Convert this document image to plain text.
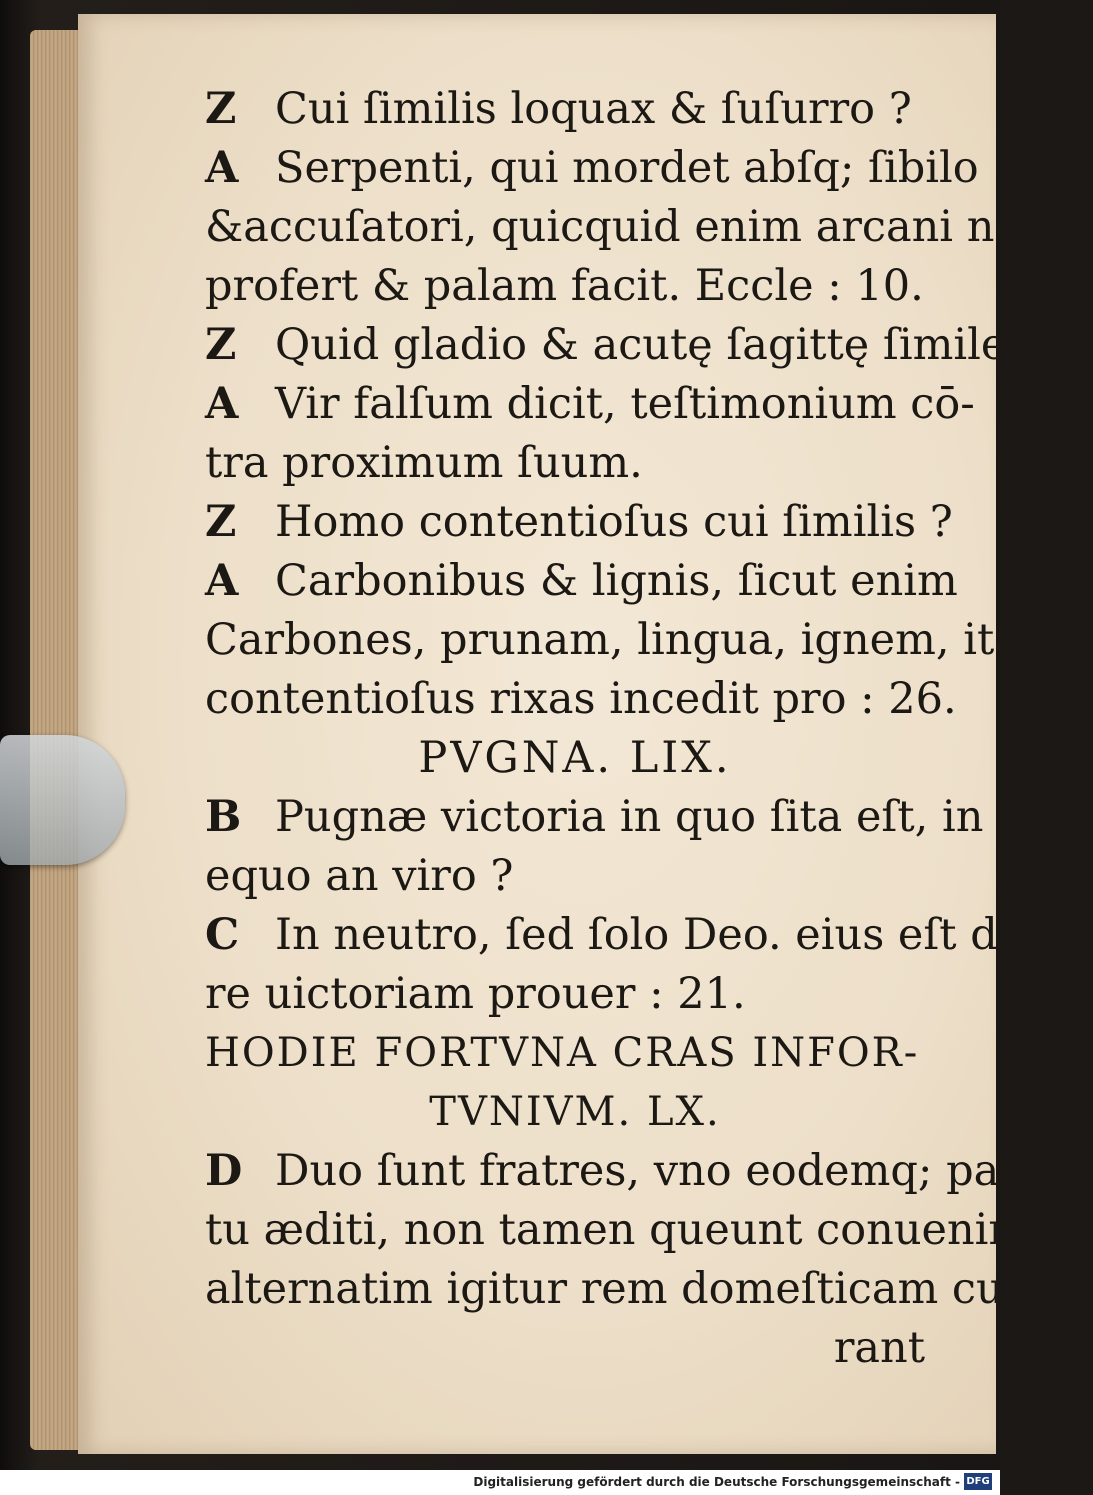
Z Cui ſimilis loquax & ſuſurro ?
A Serpenti, qui mordet abſq; ſibilo
&accuſatori, quicquid enim arcani nouit,
profert & palam facit. Eccle : 10.
Z Quid gladio & acutę ſagittę ſimile ?
A Vir falſum dicit, teſtimonium cō-
tra proximum ſuum.
Z Homo contentioſus cui ſimilis ?
A Carbonibus & lignis, ſicut enim
Carbones, prunam, lingua, ignem, ita
contentioſus rixas incedit pro : 26.
PVGNA. LIX.
B Pugnæ victoria in quo ſita eſt, in
equo an viro ?
C In neutro, ſed ſolo Deo. eius eſt da-
re uictoriam prouer : 21.
HODIE FORTVNA CRAS INFOR-
TVNIVM. LX.
D Duo ſunt fratres, vno eodemq; par-
tu æditi, non tamen queunt conuenire,
alternatim igitur rem domeſticam cu-
rant
Digitalisierung gefördert durch die Deutsche Forschungsgemeinschaft - DFG
